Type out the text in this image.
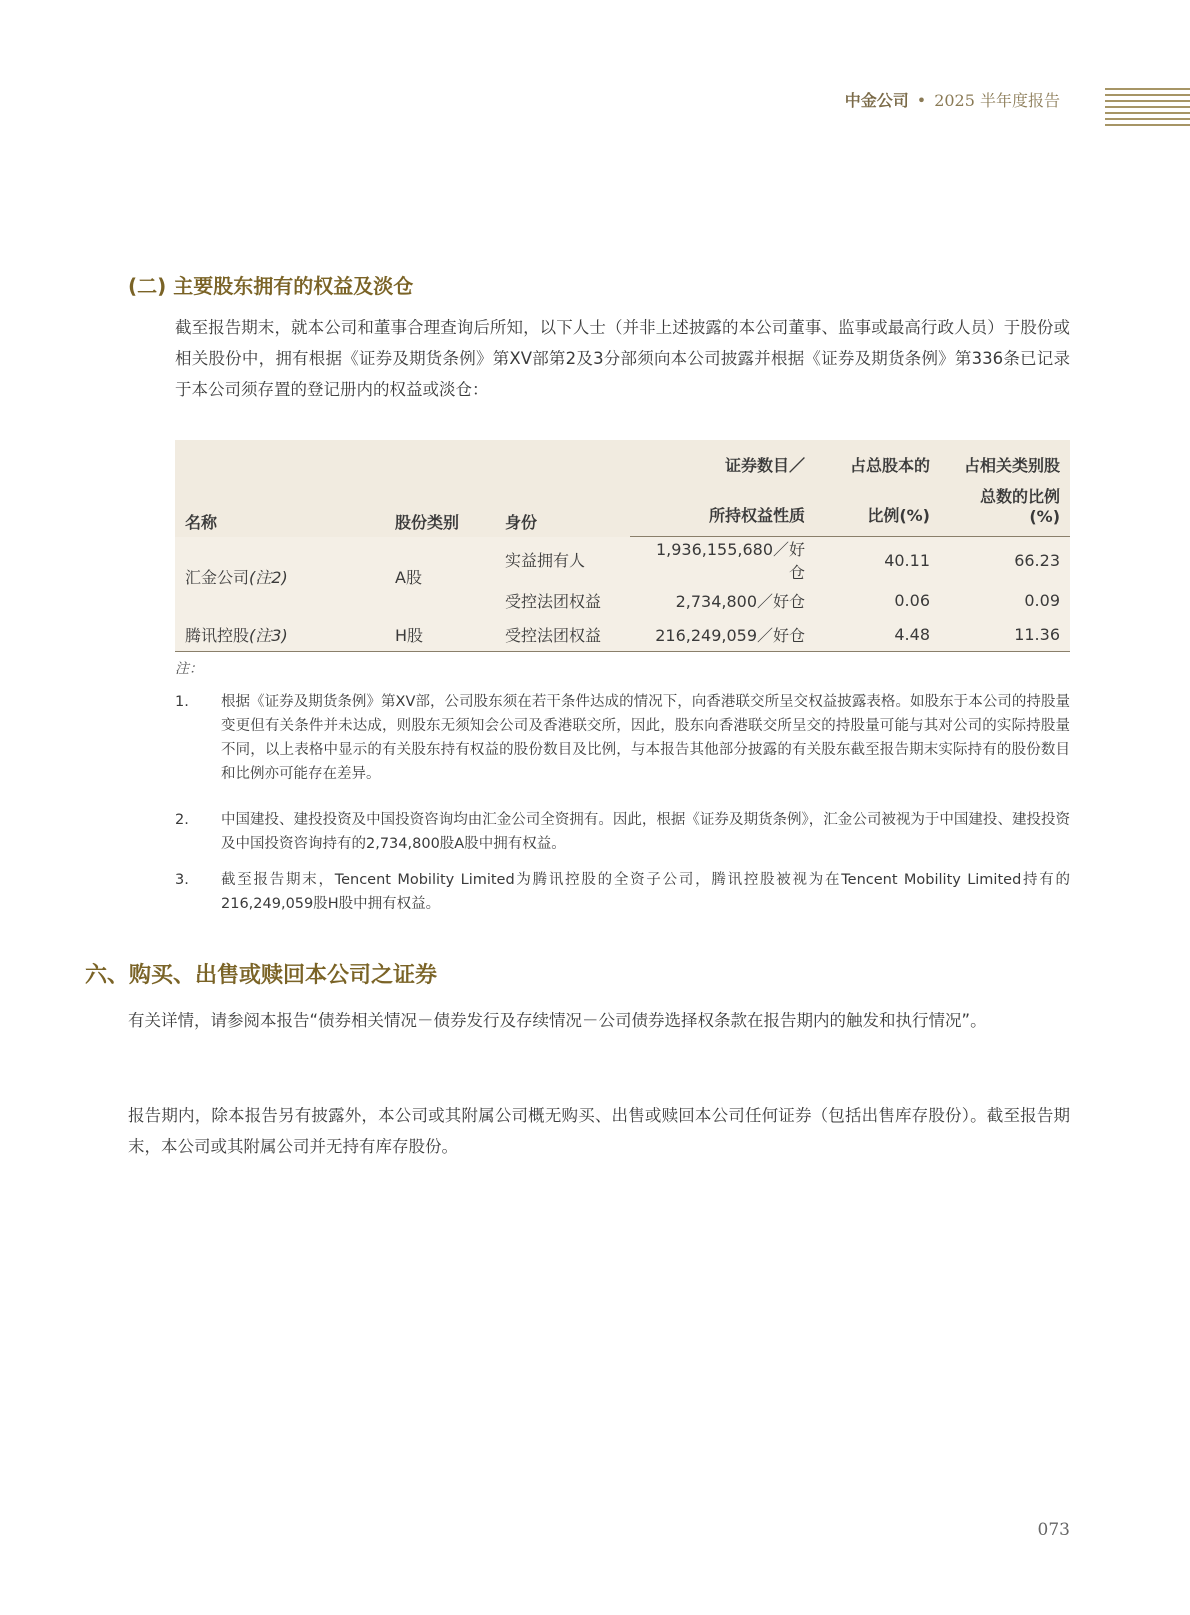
中金公司 • 2025 半年度报告
(二) 主要股东拥有的权益及淡仓
截至报告期末，就本公司和董事合理查询后所知，以下人士（并非上述披露的本公司董事、监事或最高行政人员）于股份或相关股份中，拥有根据《证券及期货条例》第XV部第2及3分部须向本公司披露并根据《证券及期货条例》第336条已记录于本公司须存置的登记册内的权益或淡仓：
名称	股份类别	身份	证券数目／	占总股本的	占相关类别股
			所持权益性质	比例(%)	总数的比例(%)
汇金公司(注2)	A股	实益拥有人	1,936,155,680／好仓	40.11	66.23
		受控法团权益	2,734,800／好仓	0.06	0.09
腾讯控股(注3)	H股	受控法团权益	216,249,059／好仓	4.48	11.36
注：
1.	根据《证券及期货条例》第XV部，公司股东须在若干条件达成的情况下，向香港联交所呈交权益披露表格。如股东于本公司的持股量变更但有关条件并未达成，则股东无须知会公司及香港联交所，因此，股东向香港联交所呈交的持股量可能与其对公司的实际持股量不同，以上表格中显示的有关股东持有权益的股份数目及比例，与本报告其他部分披露的有关股东截至报告期末实际持有的股份数目和比例亦可能存在差异。
2.	中国建投、建投投资及中国投资咨询均由汇金公司全资拥有。因此，根据《证券及期货条例》，汇金公司被视为于中国建投、建投投资及中国投资咨询持有的2,734,800股A股中拥有权益。
3.	截至报告期末，Tencent Mobility Limited为腾讯控股的全资子公司，腾讯控股被视为在Tencent Mobility Limited持有的216,249,059股H股中拥有权益。
六、购买、出售或赎回本公司之证券
有关详情，请参阅本报告“债券相关情况－债券发行及存续情况－公司债券选择权条款在报告期内的触发和执行情况”。
报告期内，除本报告另有披露外，本公司或其附属公司概无购买、出售或赎回本公司任何证券（包括出售库存股份）。截至报告期末，本公司或其附属公司并无持有库存股份。
073
